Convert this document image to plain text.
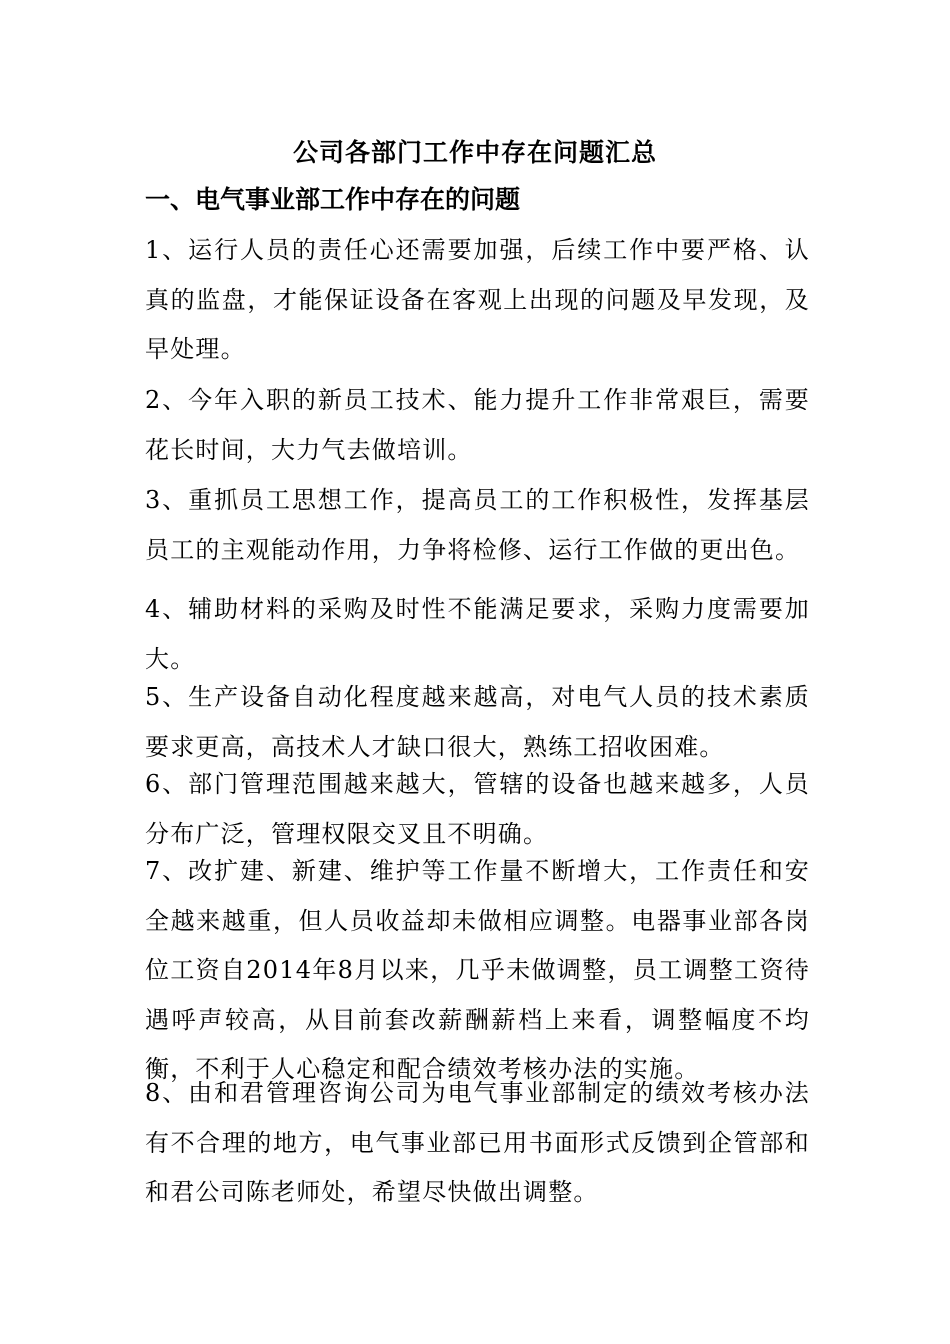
公司各部门工作中存在问题汇总
一、电气事业部工作中存在的问题

1、运行人员的责任心还需要加强，后续工作中要严格、认真的监盘，才能保证设备在客观上出现的问题及早发现，及早处理。

2、今年入职的新员工技术、能力提升工作非常艰巨，需要花长时间，大力气去做培训。

3、重抓员工思想工作，提高员工的工作积极性，发挥基层员工的主观能动作用，力争将检修、运行工作做的更出色。

4、辅助材料的采购及时性不能满足要求，采购力度需要加大。

5、生产设备自动化程度越来越高，对电气人员的技术素质要求更高，高技术人才缺口很大，熟练工招收困难。

6、部门管理范围越来越大，管辖的设备也越来越多，人员分布广泛，管理权限交叉且不明确。

7、改扩建、新建、维护等工作量不断增大，工作责任和安全越来越重，但人员收益却未做相应调整。电器事业部各岗位工资自2014年8月以来，几乎未做调整，员工调整工资待遇呼声较高，从目前套改薪酬薪档上来看，调整幅度不均衡，不利于人心稳定和配合绩效考核办法的实施。

8、由和君管理咨询公司为电气事业部制定的绩效考核办法有不合理的地方，电气事业部已用书面形式反馈到企管部和和君公司陈老师处，希望尽快做出调整。
